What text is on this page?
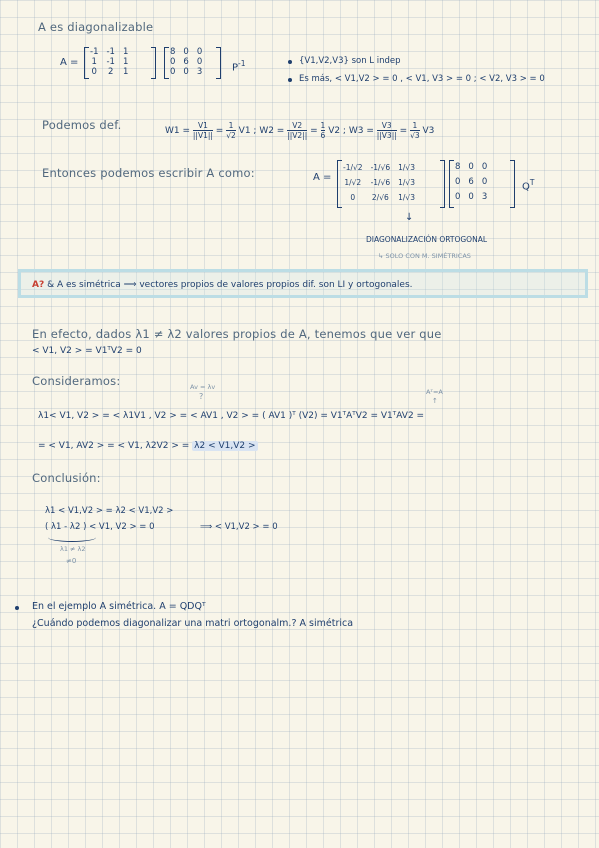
A es diagonalizable
A =
-1	-1	1
1	-1	1
0	2	1
8	0	0
0	6	0
0	0	3	$P^{-1}$	{V1,V2,V3} son L indep
Es más, < V1,V2 > = 0 , < V1, V3 > = 0 ; < V2, V3 > = 0
Podemos def.	$W1 = \frac{V1}{||V1||} = \frac{1}{√2} V1$ ; $W2 = \frac{V2}{||V2||} = \frac{1}{6} V2$ ; $W3 = \frac{V3}{||V3||} = \frac{1}{√3} V3$
Entonces podemos escribir A como:	A =
-1/√2	-1/√6	1/√3
1/√2	-1/√6	1/√3
0	2/√6	1/√3
8	0	0
0	6	0
0	0	3
$Q^T$
↓
DIAGONALIZACIÓN ORTOGONAL
↳ SOLO CON M. SIMÉTRICAS
A? & A es simétrica ⟹ vectores propios de valores propios dif. son LI y ortogonales.
En efecto, dados λ1 ≠ λ2 valores propios de A, tenemos que ver que
< V1, V2 > = V1ᵀV2 = 0
Consideramos:	Av = λv
?	Aᵀ=A
↑
λ1< V1, V2 > = < λ1V1 , V2 > = < AV1 , V2 > = ( AV1 )ᵀ (V2) = V1ᵀAᵀV2 = V1ᵀAV2 =
= < V1, AV2 > = < V1, λ2V2 > = λ2 < V1,V2 >
Conclusión:
λ1 < V1,V2 > = λ2 < V1,V2 >
( λ1 - λ2 ) < V1, V2 > = 0	⟹ < V1,V2 > = 0
λ1 ≠ λ2
≠0
En el ejemplo A simétrica. A = QDQᵀ
¿Cuándo podemos diagonalizar una matri ortogonalm.? A simétrica
